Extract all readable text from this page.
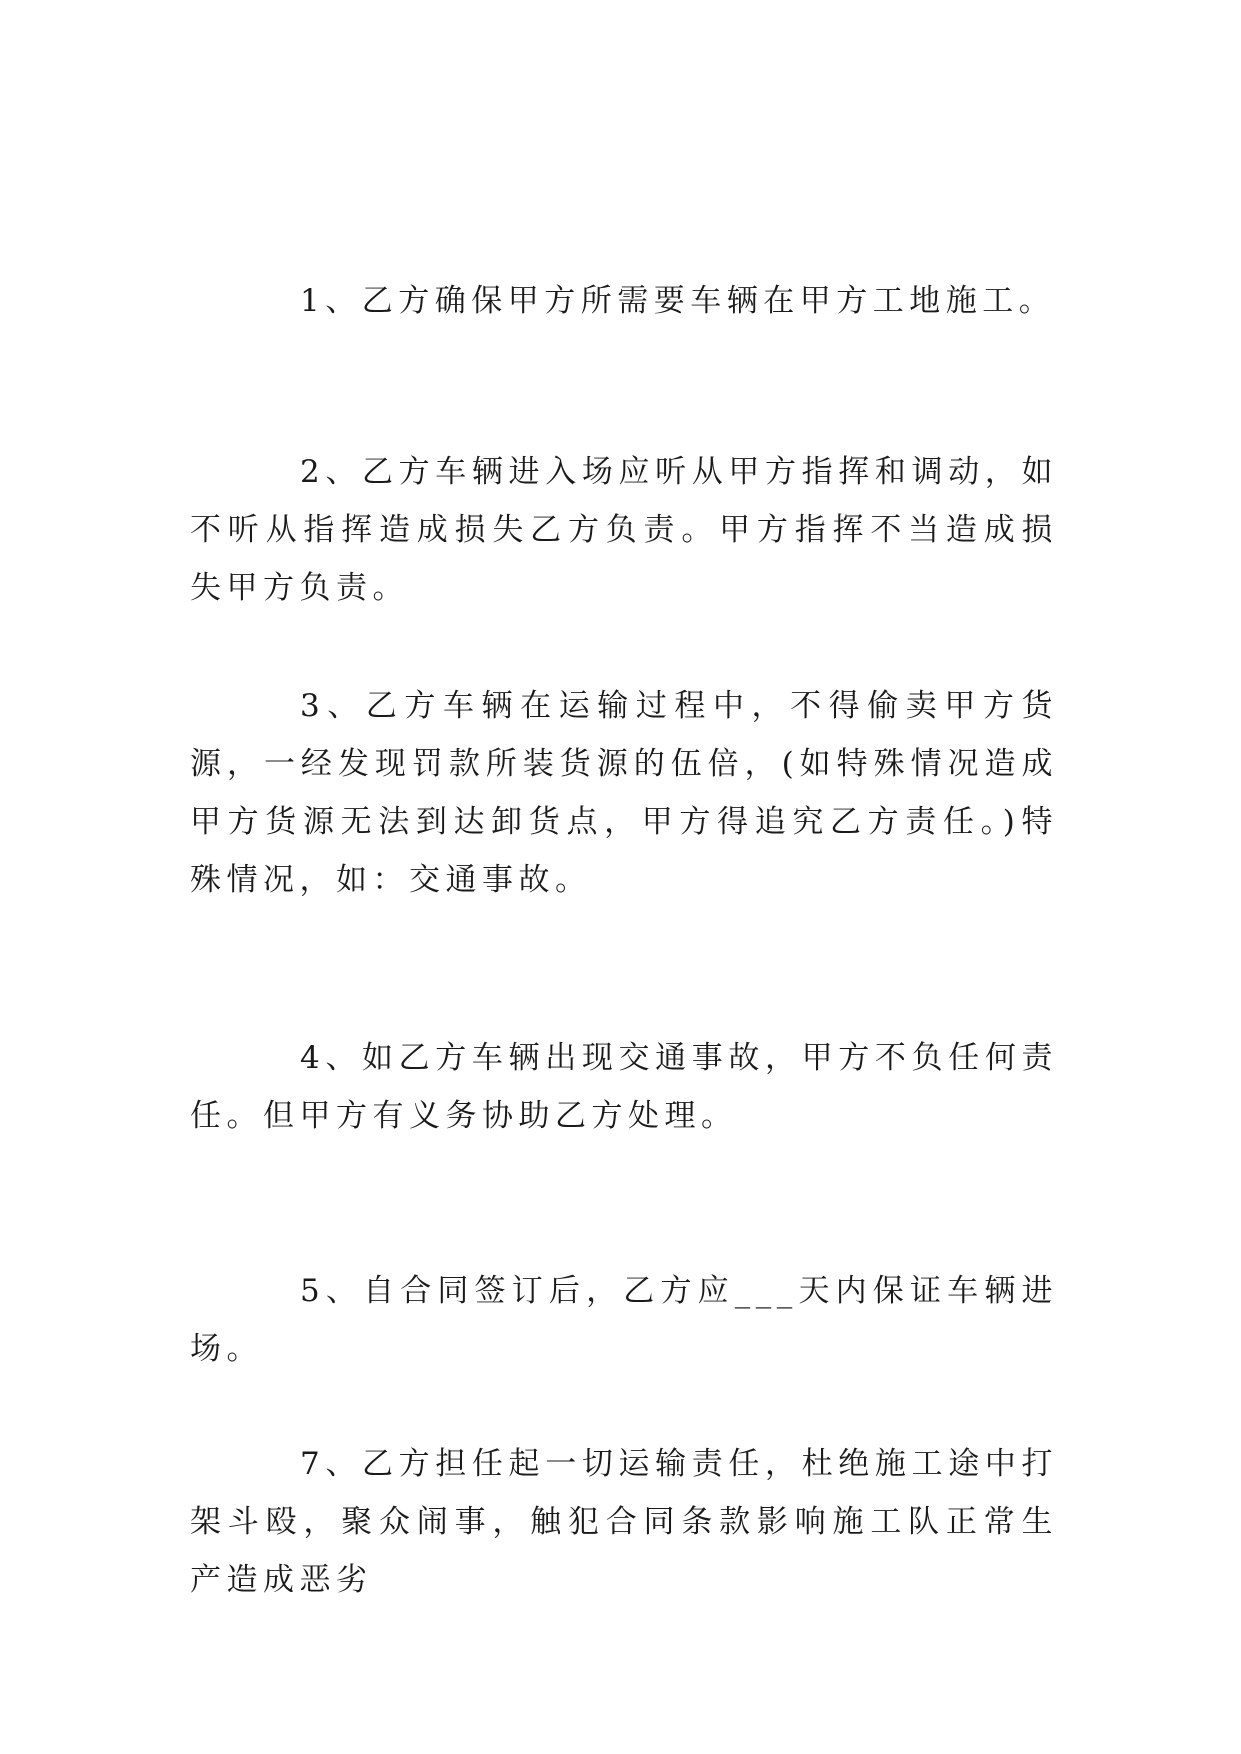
1、乙方确保甲方所需要车辆在甲方工地施工。

2、乙方车辆进入场应听从甲方指挥和调动，如不听从指挥造成损失乙方负责。甲方指挥不当造成损失甲方负责。

3、乙方车辆在运输过程中，不得偷卖甲方货源，一经发现罚款所装货源的伍倍，(如特殊情况造成甲方货源无法到达卸货点，甲方得追究乙方责任。)特殊情况，如：交通事故。

4、如乙方车辆出现交通事故，甲方不负任何责任。但甲方有义务协助乙方处理。

5、自合同签订后，乙方应___天内保证车辆进场。

7、乙方担任起一切运输责任，杜绝施工途中打架斗殴，聚众闹事，触犯合同条款影响施工队正常生产造成恶劣
